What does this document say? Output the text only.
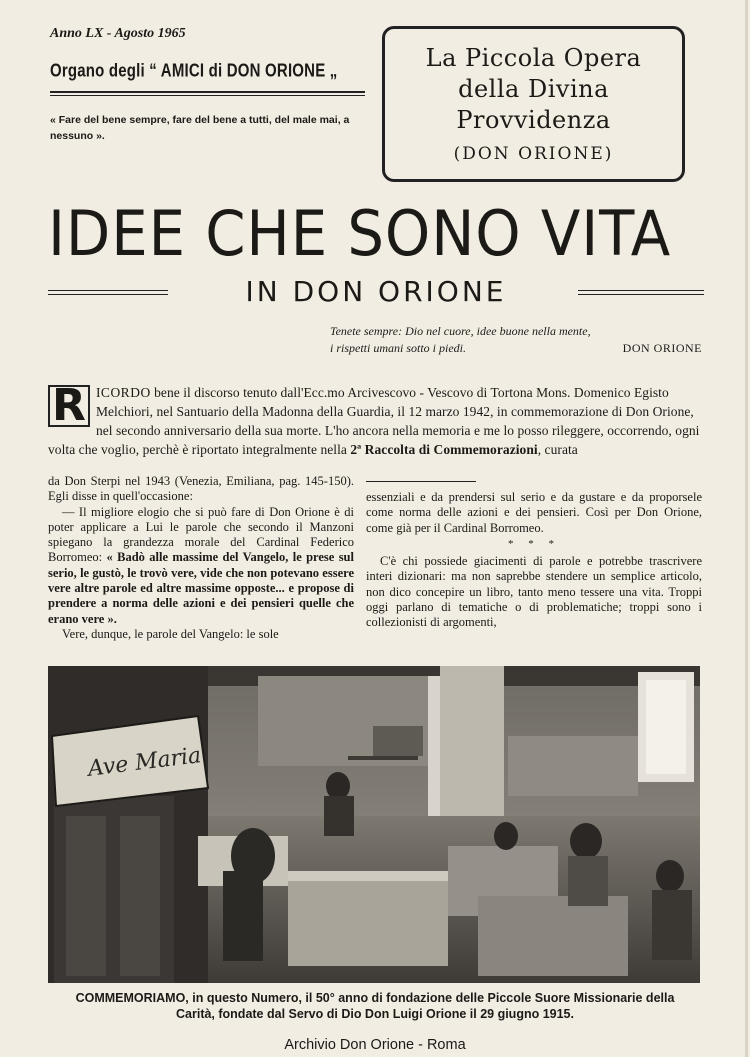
Anno LX - Agosto 1965
Organo degli “ AMICI di DON ORIONE „
« Fare del bene sempre, fare del bene a tutti, del male mai, a nessuno ».
La Piccola Opera
della Divina
Provvidenza
(DON ORIONE)
IDEE CHE SONO VITA
IN DON ORIONE
Tenete sempre: Dio nel cuore, idee buone nella mente,
i rispetti umani sotto i piedi.	DON ORIONE
R ICORDO bene il discorso tenuto dall'Ecc.mo Arcivescovo - Vescovo di Tortona Mons. Domenico Egisto Melchiori, nel Santuario della Madonna della Guardia, il 12 marzo 1942, in commemorazione di Don Orione, nel secondo anniversario della sua morte. L'ho ancora nella memoria e me lo posso rileggere, occorrendo, ogni volta che voglio, perchè è riportato integralmente nella 2ª Raccolta di Commemorazioni, curata

da Don Sterpi nel 1943 (Venezia, Emiliana, pag. 145-150). Egli disse in quell'occasione:

— Il migliore elogio che si può fare di Don Orione è di poter applicare a Lui le parole che secondo il Manzoni spiegano la grandezza morale del Cardinal Federico Borromeo: « Badò alle massime del Vangelo, le prese sul serio, le gustò, le trovò vere, vide che non potevano essere vere altre parole ed altre massime opposte... e propose di prendere a norma delle azioni e dei pensieri quelle che erano vere ».

Vere, dunque, le parole del Vangelo: le sole

essenziali e da prendersi sul serio e da gustare e da proporsele come norma delle azioni e dei pensieri. Così per Don Orione, come già per il Cardinal Borromeo.

* * *

C'è chi possiede giacimenti di parole e potrebbe trascrivere interi dizionari: ma non saprebbe stendere un semplice articolo, non dico concepire un libro, tanto meno tessere una vita. Troppi oggi parlano di tematiche o di problematiche; troppi sono i collezionisti di argomenti,

Ave Maria
COMMEMORIAMO, in questo Numero, il 50° anno di fondazione delle Piccole Suore Missionarie della
Carità, fondate dal Servo di Dio Don Luigi Orione il 29 giugno 1915.
Archivio Don Orione - Roma
